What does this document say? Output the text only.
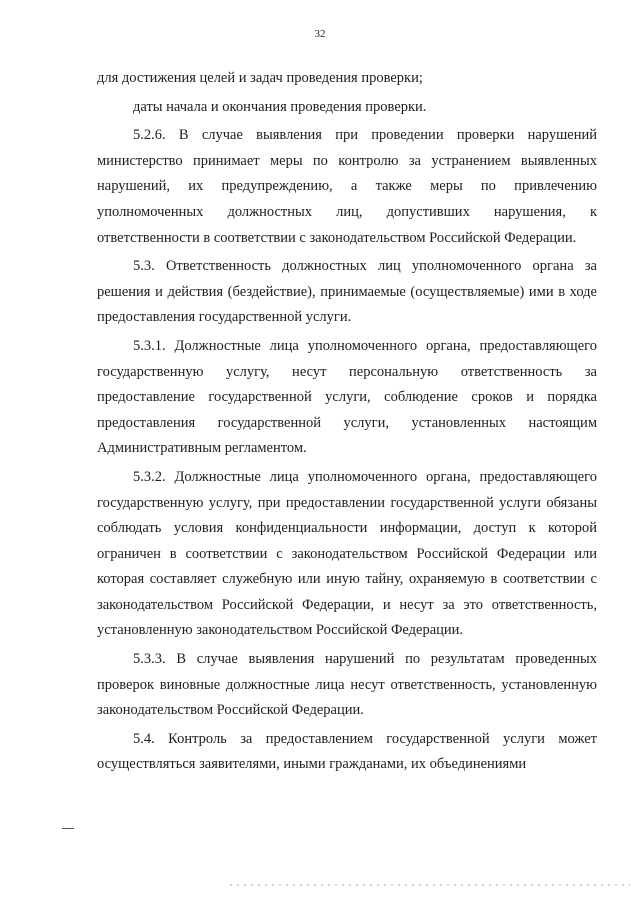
32

для достижения целей и задач проведения проверки;

даты начала и окончания проведения проверки.

5.2.6. В случае выявления при проведении проверки нарушений министерство принимает меры по контролю за устранением выявленных нарушений, их предупреждению, а также меры по привлечению уполномоченных должностных лиц, допустивших нарушения, к ответственности в соответствии с законодательством Российской Федерации.

5.3. Ответственность должностных лиц уполномоченного органа за решения и действия (бездействие), принимаемые (осуществляемые) ими в ходе предоставления государственной услуги.

5.3.1. Должностные лица уполномоченного органа, предоставляющего государственную услугу, несут персональную ответственность за предоставление государственной услуги, соблюдение сроков и порядка предоставления государственной услуги, установленных настоящим Административным регламентом.

5.3.2. Должностные лица уполномоченного органа, предоставляющего государственную услугу, при предоставлении государственной услуги обязаны соблюдать условия конфиденциальности информации, доступ к которой ограничен в соответствии с законодательством Российской Федерации или которая составляет служебную или иную тайну, охраняемую в соответствии с законодательством Российской Федерации, и несут за это ответственность, установленную законодательством Российской Федерации.

5.3.3. В случае выявления нарушений по результатам проведенных проверок виновные должностные лица несут ответственность, установленную законодательством Российской Федерации.

5.4. Контроль за предоставлением государственной услуги может осуществляться заявителями, иными гражданами, их объединениями
